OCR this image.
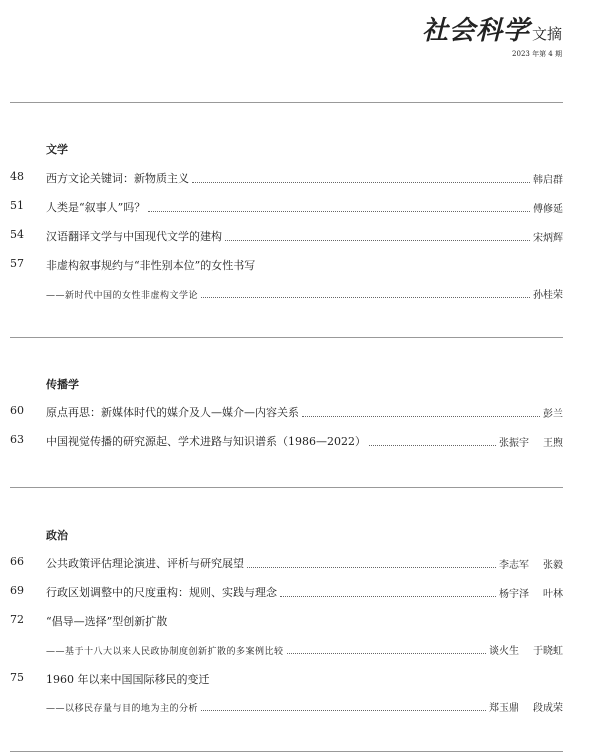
社会科学 文摘
2023 年第 4 期
文学
48	西方文论关键词：新物质主义	韩启群
51	人类是“叙事人”吗？	傅修延
54	汉语翻译文学与中国现代文学的建构	宋炳辉
57	非虚构叙事规约与“非性别本位”的女性书写
——新时代中国的女性非虚构文学论	孙桂荣
传播学
60	原点再思：新媒体时代的媒介及人—媒介—内容关系	彭兰
63	中国视觉传播的研究源起、学术进路与知识谱系（1986—2022）	张振宇 王煦
政治
66	公共政策评估理论演进、评析与研究展望	李志军 张毅
69	行政区划调整中的尺度重构：规则、实践与理念	杨宇泽 叶林
72	“倡导—选择”型创新扩散
——基于十八大以来人民政协制度创新扩散的多案例比较	谈火生 于晓虹
75	1960 年以来中国国际移民的变迁
——以移民存量与目的地为主的分析	郑玉鼎 段成荣
